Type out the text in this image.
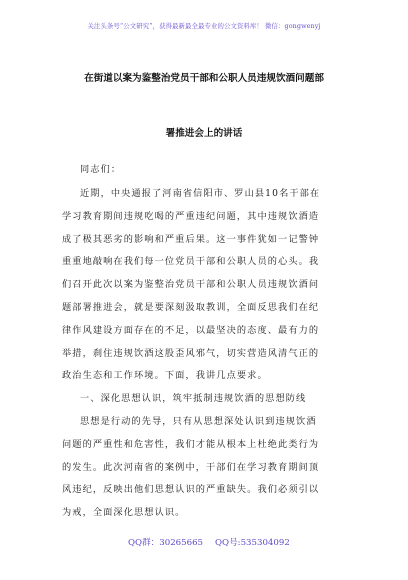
关注头条号“公文研究”，获得最新最全最专业的公文资料库！ 微信：gongwenyj
在街道以案为鉴整治党员干部和公职人员违规饮酒问题部
署推进会上的讲话
同志们：
近期，中央通报了河南省信阳市、罗山县10名干部在
学习教育期间违规吃喝的严重违纪问题，其中违规饮酒造
成了极其恶劣的影响和严重后果。这一事件犹如一记警钟
重重地敲响在我们每一位党员干部和公职人员的心头。我
们召开此次以案为鉴整治党员干部和公职人员违规饮酒问
题部署推进会，就是要深刻汲取教训，全面反思我们在纪
律作风建设方面存在的不足，以最坚决的态度、最有力的
举措，刹住违规饮酒这股歪风邪气，切实营造风清气正的
政治生态和工作环境。下面，我讲几点要求。
一、深化思想认识，筑牢抵制违规饮酒的思想防线
思想是行动的先导，只有从思想深处认识到违规饮酒
问题的严重性和危害性，我们才能从根本上杜绝此类行为
的发生。此次河南省的案例中，干部们在学习教育期间顶
风违纪，反映出他们思想认识的严重缺失。我们必须引以
为戒，全面深化思想认识。
QQ群：30265665 QQ号:535304092
